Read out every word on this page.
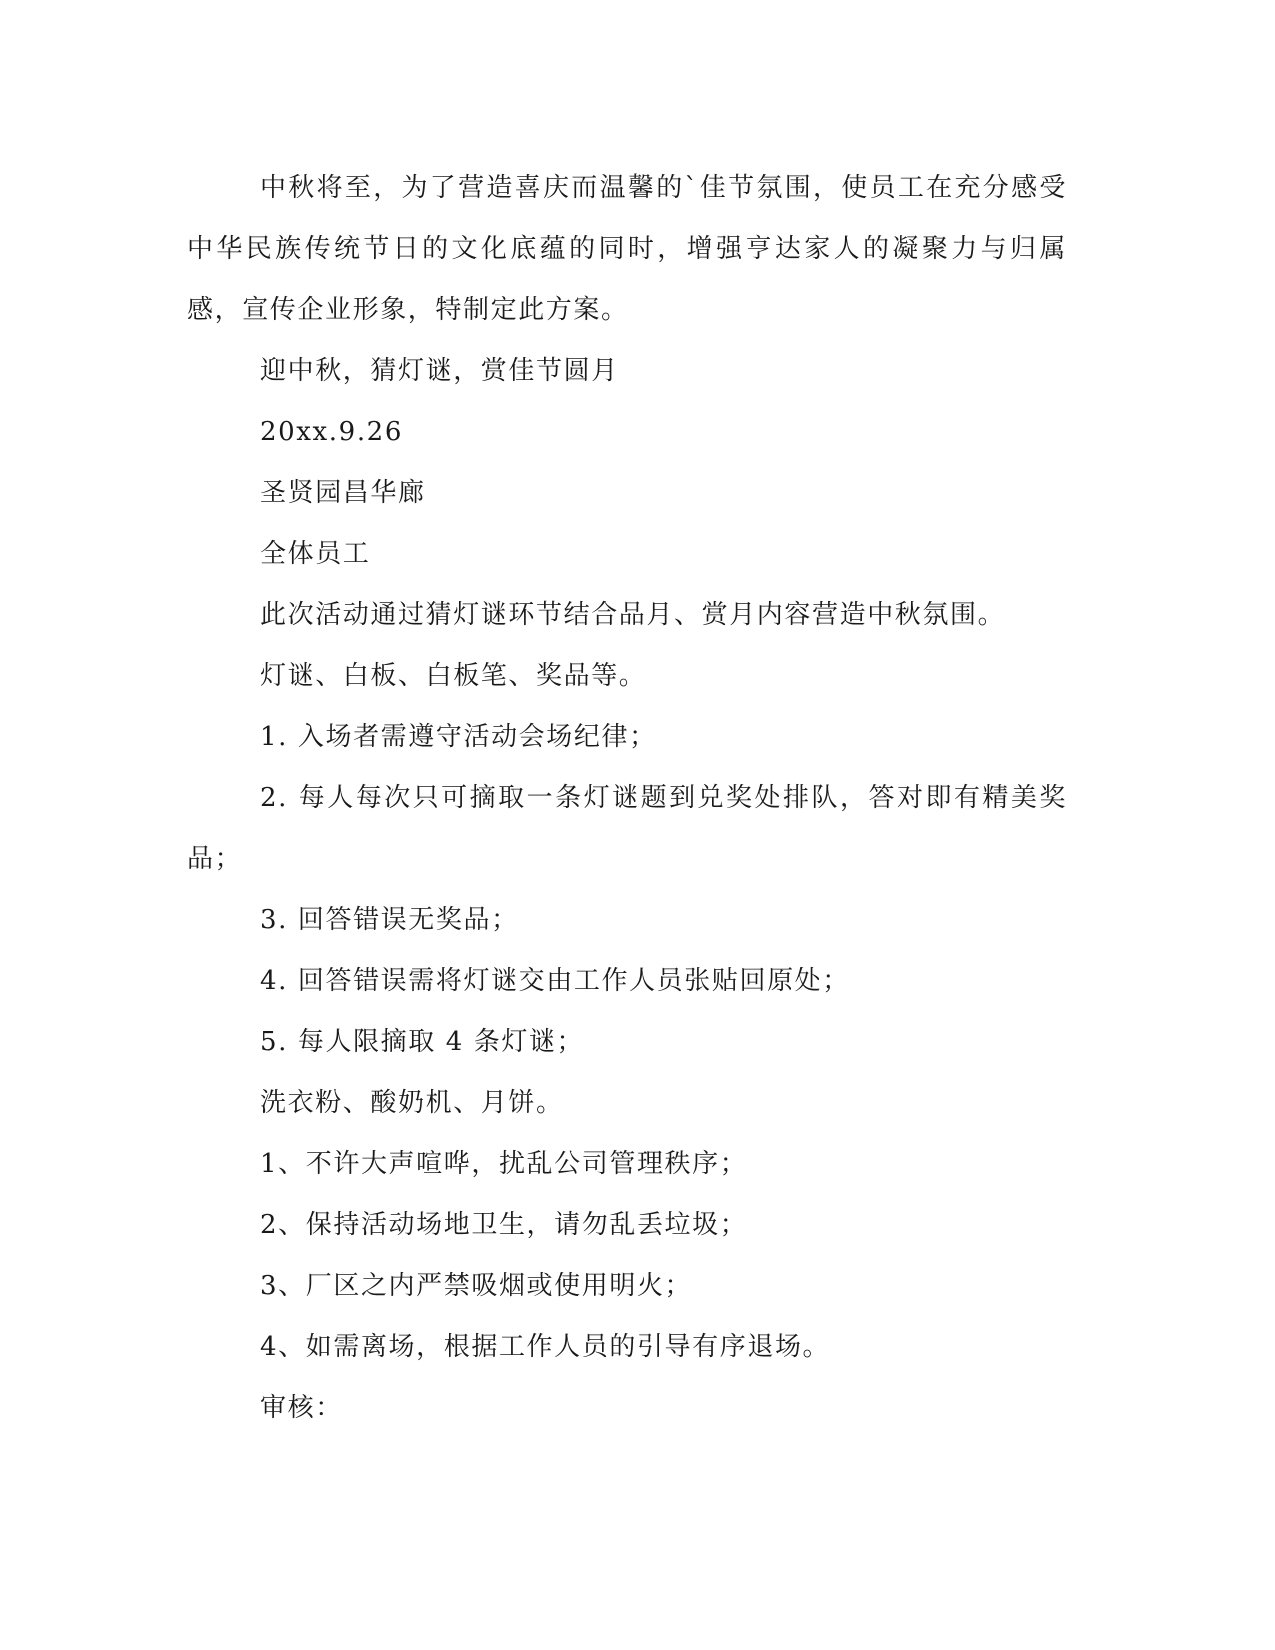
中秋将至，为了营造喜庆而温馨的`佳节氛围，使员工在充分感受中华民族传统节日的文化底蕴的同时，增强亨达家人的凝聚力与归属感，宣传企业形象，特制定此方案。

迎中秋，猜灯谜，赏佳节圆月

20xx.9.26

圣贤园昌华廊

全体员工

此次活动通过猜灯谜环节结合品月、赏月内容营造中秋氛围。

灯谜、白板、白板笔、奖品等。

1. 入场者需遵守活动会场纪律；

2. 每人每次只可摘取一条灯谜题到兑奖处排队，答对即有精美奖品；

3. 回答错误无奖品；

4. 回答错误需将灯谜交由工作人员张贴回原处；

5. 每人限摘取 4 条灯谜；

洗衣粉、酸奶机、月饼。

1、不许大声喧哗，扰乱公司管理秩序；

2、保持活动场地卫生，请勿乱丢垃圾；

3、厂区之内严禁吸烟或使用明火；

4、如需离场，根据工作人员的引导有序退场。

审核：
